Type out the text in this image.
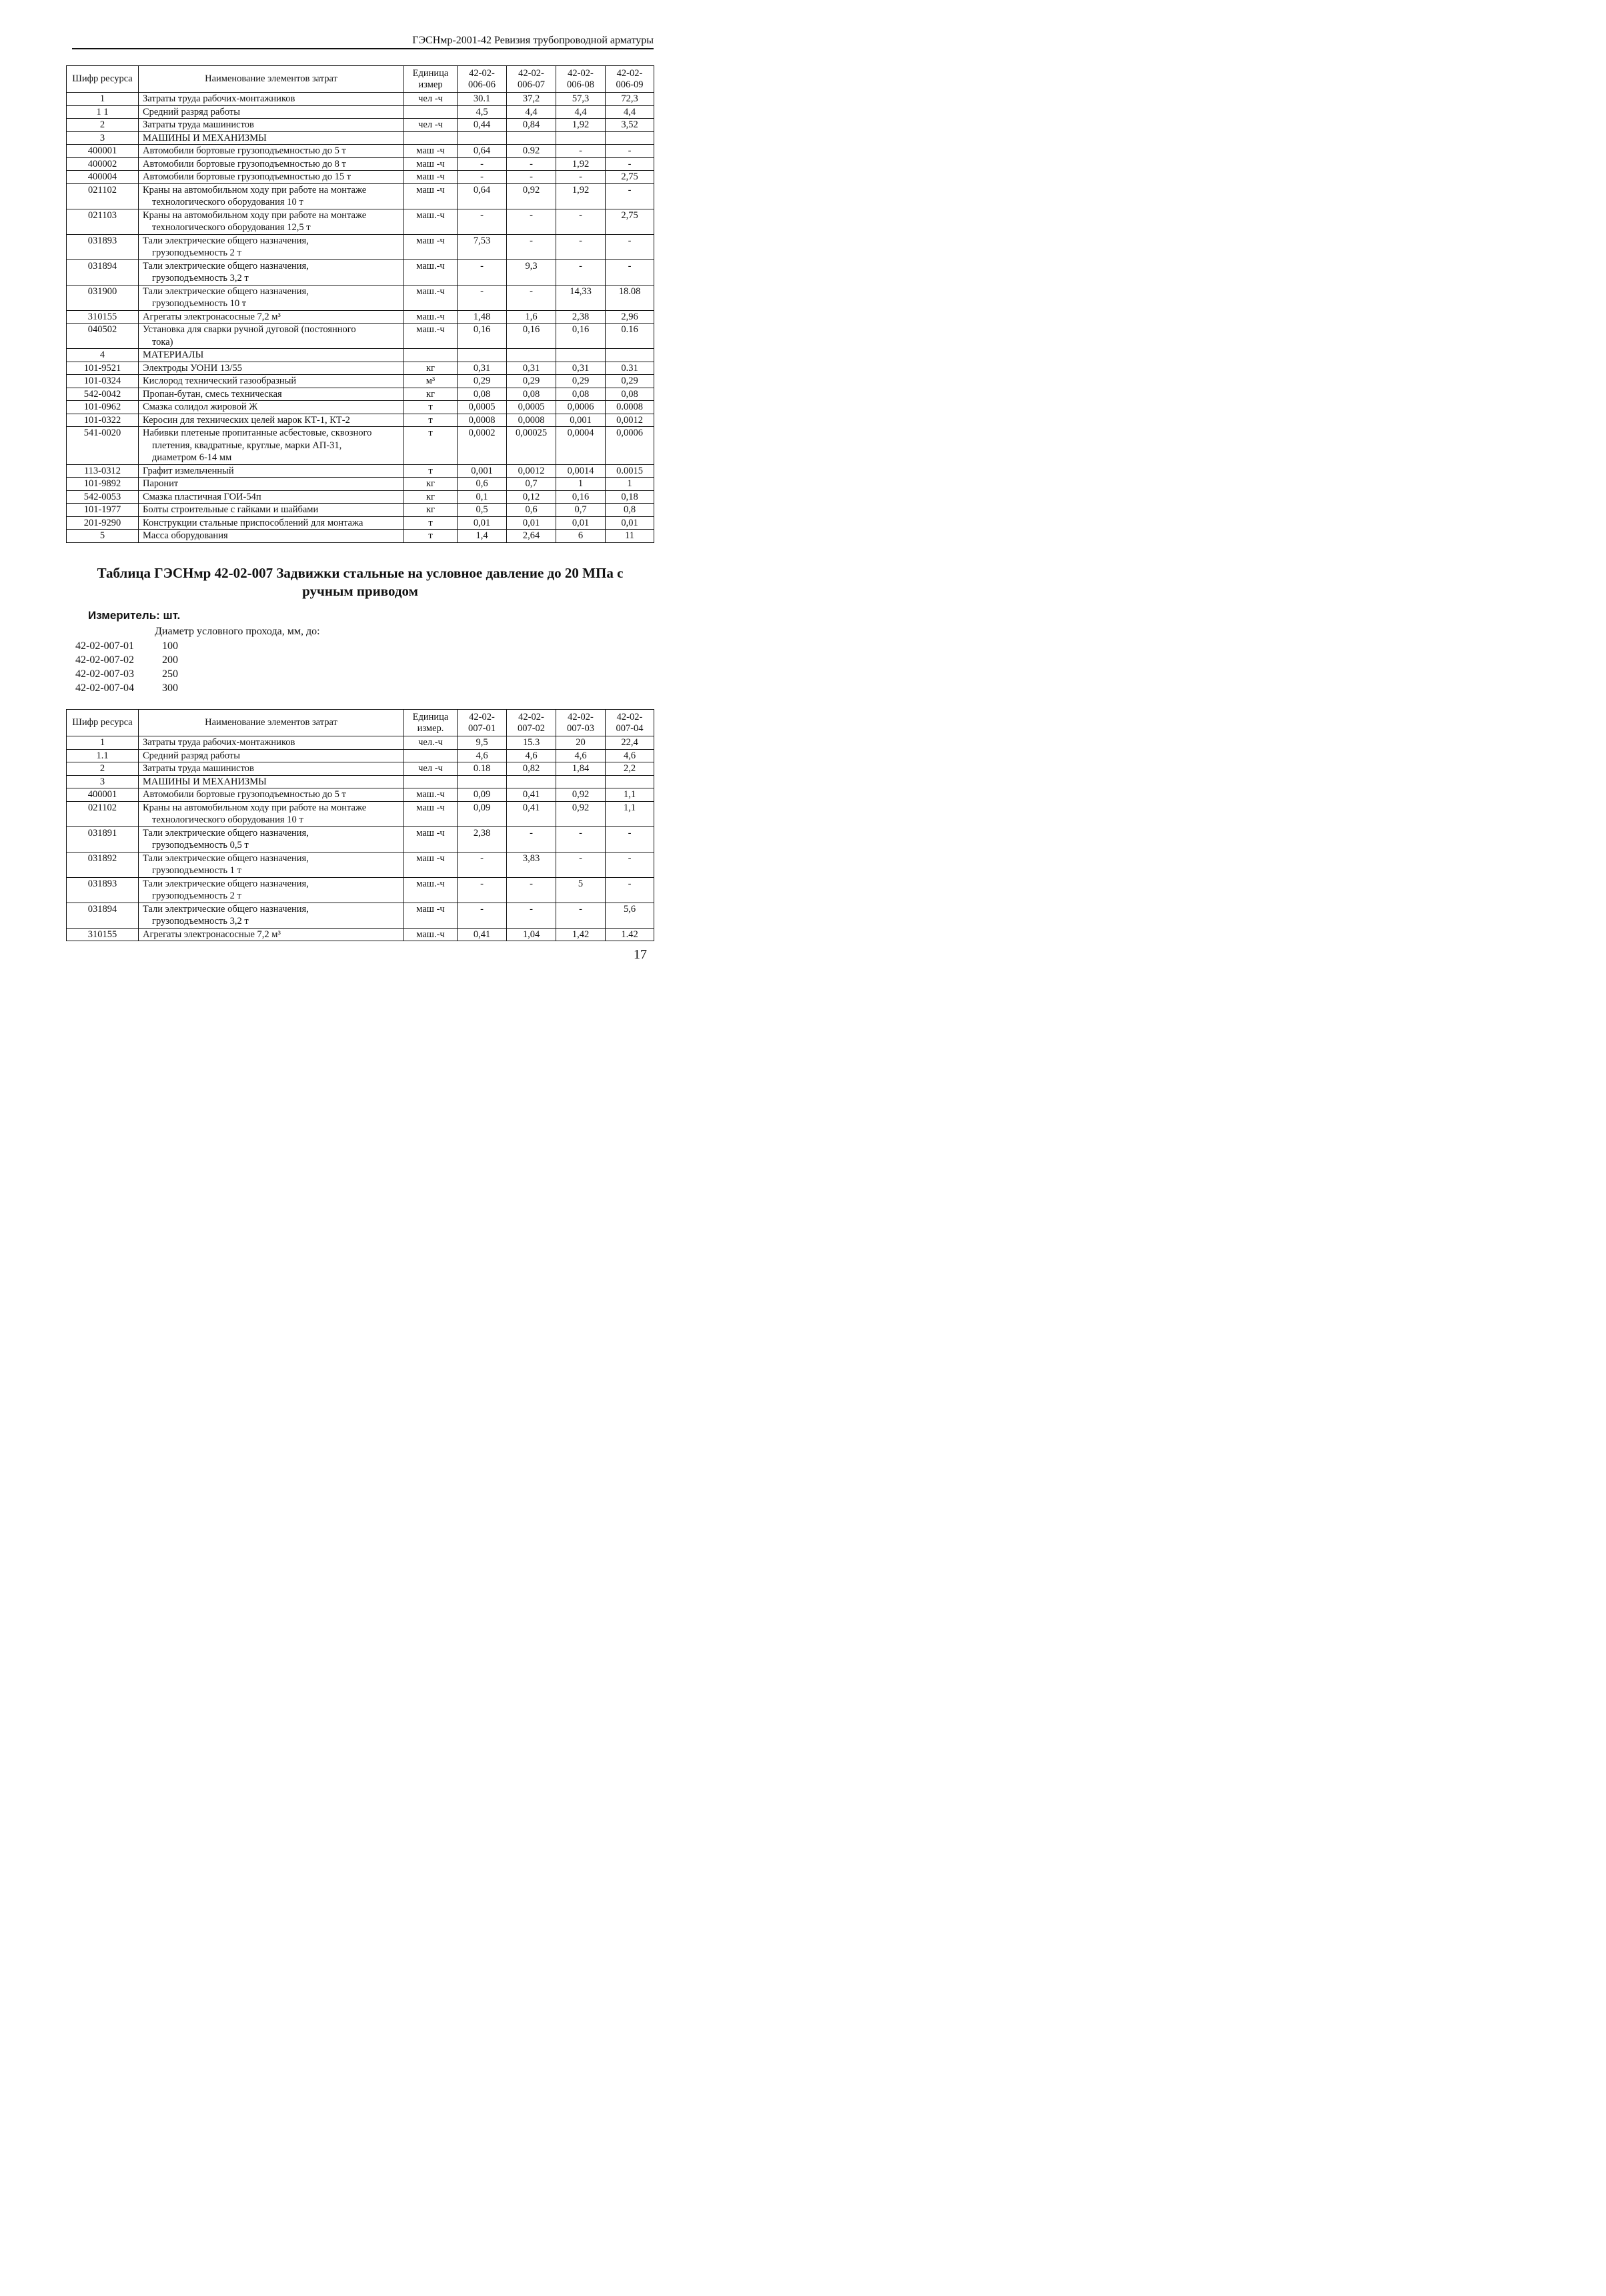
ГЭСНмр-2001-42 Ревизия трубопроводной арматуры
Шифр ресурса	Наименование элементов затрат	Единица измер	42-02-006-06	42-02-006-07	42-02-006-08	42-02-006-09
1	Затраты труда рабочих-монтажников	чел -ч	30.1	37,2	57,3	72,3
1 1	Средний разряд работы		4,5	4,4	4,4	4,4
2	Затраты труда машинистов	чел -ч	0,44	0,84	1,92	3,52
3	МАШИНЫ И МЕХАНИЗМЫ					
400001	Автомобили бортовые грузоподъемностью до 5 т	маш -ч	0,64	0.92	-	-
400002	Автомобили бортовые грузоподъемностью до 8 т	маш -ч	-	-	1,92	-
400004	Автомобили бортовые грузоподъемностью до 15 т	маш -ч	-	-	-	2,75
021102	Краны на автомобильном ходу при работе на монтаже
технологического оборудования 10 т	маш -ч	0,64	0,92	1,92	-
021103	Краны на автомобильном ходу при работе на монтаже
технологического оборудования 12,5 т	маш.-ч	-	-	-	2,75
031893	Тали электрические общего назначения,
грузоподъемность 2 т	маш -ч	7,53	-	-	-
031894	Тали электрические общего назначения,
грузоподъемность 3,2 т	маш.-ч	-	9,3	-	-
031900	Тали электрические общего назначения,
грузоподъемность 10 т	маш.-ч	-	-	14,33	18.08
310155	Агрегаты электронасосные 7,2 м³	маш.-ч	1,48	1,6	2,38	2,96
040502	Установка для сварки ручной дуговой (постоянного
тока)	маш.-ч	0,16	0,16	0,16	0.16
4	МАТЕРИАЛЫ					
101-9521	Электроды УОНИ 13/55	кг	0,31	0,31	0,31	0.31
101-0324	Кислород технический газообразный	м³	0,29	0,29	0,29	0,29
542-0042	Пропан-бутан, смесь техническая	кг	0,08	0,08	0,08	0,08
101-0962	Смазка солидол жировой Ж	т	0,0005	0,0005	0,0006	0.0008
101-0322	Керосин для технических целей марок КТ-1, КТ-2	т	0,0008	0,0008	0,001	0,0012
541-0020	Набивки плетеные пропитанные асбестовые, сквозного
плетения, квадратные, круглые, марки АП-31,
диаметром 6-14 мм	т	0,0002	0,00025	0,0004	0,0006
113-0312	Графит измельченный	т	0,001	0,0012	0,0014	0.0015
101-9892	Паронит	кг	0,6	0,7	1	1
542-0053	Смазка пластичная ГОИ-54п	кг	0,1	0,12	0,16	0,18
101-1977	Болты строительные с гайками и шайбами	кг	0,5	0,6	0,7	0,8
201-9290	Конструкции стальные приспособлений для монтажа	т	0,01	0,01	0,01	0,01
5	Масса оборудования	т	1,4	2,64	6	11
Таблица ГЭСНмр 42-02-007 Задвижки стальные на условное давление до 20 МПа с
ручным приводом
Измеритель: шт.
Диаметр условного прохода, мм, до:
42-02-007-01	100
42-02-007-02	200
42-02-007-03	250
42-02-007-04	300
Шифр ресурса	Наименование элементов затрат	Единица измер.	42-02-007-01	42-02-007-02	42-02-007-03	42-02-007-04
1	Затраты труда рабочих-монтажников	чел.-ч	9,5	15.3	20	22,4
1.1	Средний разряд работы		4,6	4,6	4,6	4,6
2	Затраты труда машинистов	чел -ч	0.18	0,82	1,84	2,2
3	МАШИНЫ И МЕХАНИЗМЫ					
400001	Автомобили бортовые грузоподъемностью до 5 т	маш.-ч	0,09	0,41	0,92	1,1
021102	Краны на автомобильном ходу при работе на монтаже
технологического оборудования 10 т	маш -ч	0,09	0,41	0,92	1,1
031891	Тали электрические общего назначения,
грузоподъемность 0,5 т	маш -ч	2,38	-	-	-
031892	Тали электрические общего назначения,
грузоподъемность 1 т	маш -ч	-	3,83	-	-
031893	Тали электрические общего назначения,
грузоподъемность 2 т	маш.-ч	-	-	5	-
031894	Тали электрические общего назначения,
грузоподъемность 3,2 т	маш -ч	-	-	-	5,6
310155	Агрегаты электронасосные 7,2 м³	маш.-ч	0,41	1,04	1,42	1.42
17
